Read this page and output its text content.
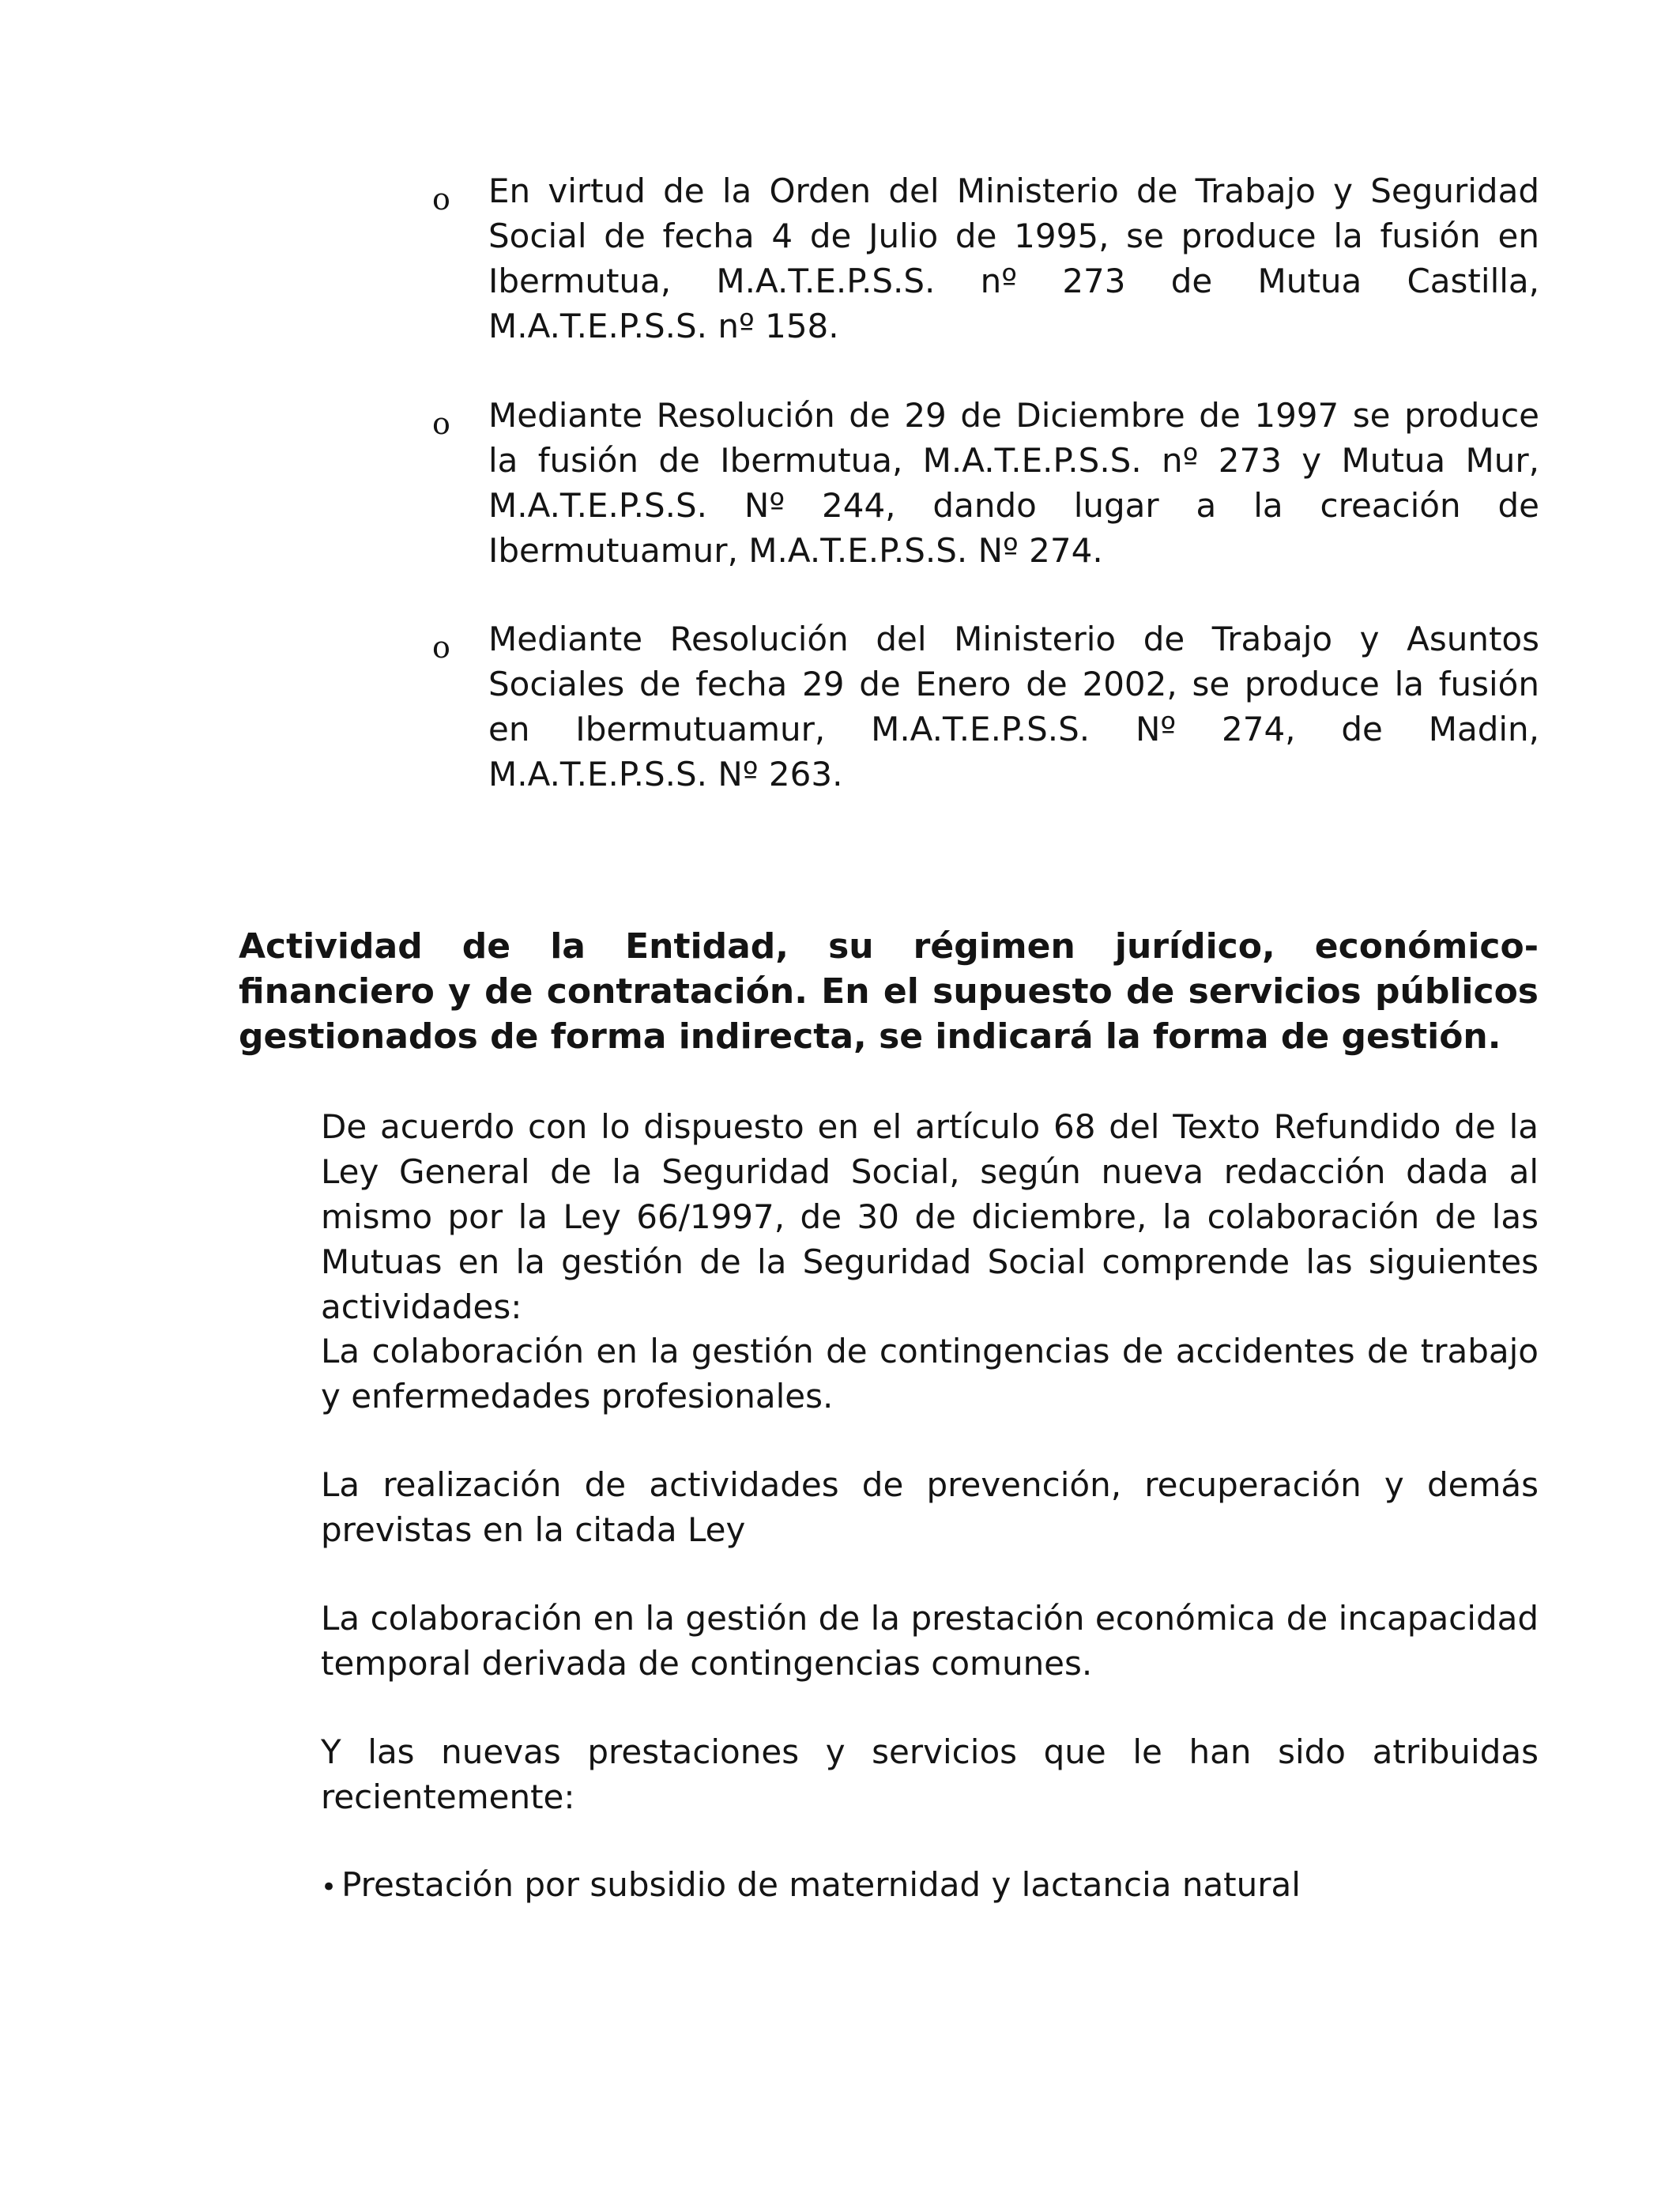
o En virtud de la Orden del Ministerio de Trabajo y Seguridad Social de fecha 4 de Julio de 1995, se produce la fusión en Ibermutua, M.A.T.E.P.S.S. nº 273 de Mutua Castilla, M.A.T.E.P.S.S. nº 158.
o Mediante Resolución de 29 de Diciembre de 1997 se produce la fusión de Ibermutua, M.A.T.E.P.S.S. nº 273 y Mutua Mur, M.A.T.E.P.S.S. Nº 244, dando lugar a la creación de Ibermutuamur, M.A.T.E.P.S.S. Nº 274.
o Mediante Resolución del Ministerio de Trabajo y Asuntos Sociales de fecha 29 de Enero de 2002, se produce la fusión en Ibermutuamur, M.A.T.E.P.S.S. Nº 274, de Madin, M.A.T.E.P.S.S. Nº 263.
Actividad de la Entidad, su régimen jurídico, económico-financiero y de contratación. En el supuesto de servicios públicos gestionados de forma indirecta, se indicará la forma de gestión.
De acuerdo con lo dispuesto en el artículo 68 del Texto Refundido de la Ley General de la Seguridad Social, según nueva redacción dada al mismo por la Ley 66/1997, de 30 de diciembre, la colaboración de las Mutuas en la gestión de la Seguridad Social comprende las siguientes actividades:
La colaboración en la gestión de contingencias de accidentes de trabajo y enfermedades profesionales.
La realización de actividades de prevención, recuperación y demás previstas en la citada Ley
La colaboración en la gestión de la prestación económica de incapacidad temporal derivada de contingencias comunes.
Y las nuevas prestaciones y servicios que le han sido atribuidas recientemente:
• Prestación por subsidio de maternidad y lactancia natural
